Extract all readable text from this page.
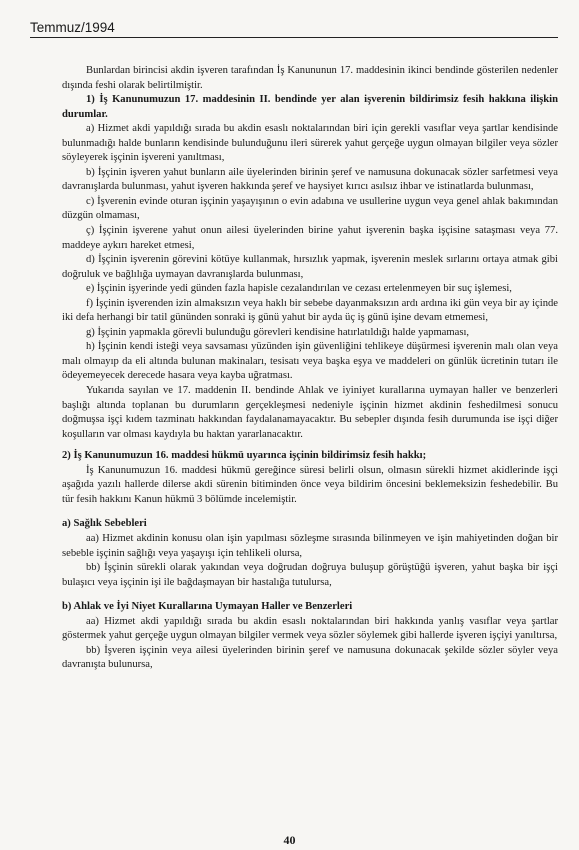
Temmuz/1994

Bunlardan birincisi akdin işveren tarafından İş Kanununun 17. maddesinin ikinci bendinde gösterilen nedenler dışında feshi olarak belirtilmiştir.

1) İş Kanunumuzun 17. maddesinin II. bendinde yer alan işverenin bildirimsiz fesih hakkına ilişkin durumlar.

a) Hizmet akdi yapıldığı sırada bu akdin esaslı noktalarından biri için gerekli vasıflar veya şartlar kendisinde bulunmadığı halde bunların kendisinde bulunduğunu ileri sürerek yahut gerçeğe uygun olmayan bilgiler veya sözler söyleyerek işçinin işvereni yanıltması,

b) İşçinin işveren yahut bunların aile üyelerinden birinin şeref ve namusuna dokunacak sözler sarfetmesi veya davranışlarda bulunması, yahut işveren hakkında şeref ve haysiyet kırıcı asılsız ihbar ve istinatlarda bulunması,

c) İşverenin evinde oturan işçinin yaşayışının o evin adabına ve usullerine uygun veya genel ahlak bakımından düzgün olmaması,

ç) İşçinin işverene yahut onun ailesi üyelerinden birine yahut işverenin başka işçisine sataşması veya 77. maddeye aykırı hareket etmesi,

d) İşçinin işverenin görevini kötüye kullanmak, hırsızlık yapmak, işverenin meslek sırlarını ortaya atmak gibi doğruluk ve bağlılığa uymayan davranışlarda bulunması,

e) İşçinin işyerinde yedi günden fazla hapisle cezalandırılan ve cezası ertelenmeyen bir suç işlemesi,

f) İşçinin işverenden izin almaksızın veya haklı bir sebebe dayanmaksızın ardı ardına iki gün veya bir ay içinde iki defa herhangi bir tatil gününden sonraki iş günü yahut bir ayda üç iş günü işine devam etmemesi,

g) İşçinin yapmakla görevli bulunduğu görevleri kendisine hatırlatıldığı halde yapmaması,

h) İşçinin kendi isteği veya savsaması yüzünden işin güvenliğini tehlikeye düşürmesi işverenin malı olan veya malı olmayıp da eli altında bulunan makinaları, tesisatı veya başka eşya ve maddeleri on günlük ücretinin tutarı ile ödeyemeyecek derecede hasara veya kayba uğratması.

Yukarıda sayılan ve 17. maddenin II. bendinde Ahlak ve iyiniyet kurallarına uymayan haller ve benzerleri başlığı altında toplanan bu durumların gerçekleşmesi nedeniyle işçinin hizmet akdinin feshedilmesi sonucu doğmuşsa işçi kıdem tazminatı hakkından faydalanamayacaktır. Bu sebepler dışında fesih durumunda ise işçi diğer koşulların var olması kaydıyla bu haktan yararlanacaktır.

2) İş Kanunumuzun 16. maddesi hükmü uyarınca işçinin bildirimsiz fesih hakkı;

İş Kanunumuzun 16. maddesi hükmü gereğince süresi belirli olsun, olmasın sürekli hizmet akidlerinde işçi aşağıda yazılı hallerde dilerse akdi sürenin bitiminden önce veya bildirim öncesini beklemeksizin feshedebilir. Bu tür fesih hakkını Kanun hükmü 3 bölümde incelemiştir.

a) Sağlık Sebebleri

aa) Hizmet akdinin konusu olan işin yapılması sözleşme sırasında bilinmeyen ve işin mahiyetinden doğan bir sebeble işçinin sağlığı veya yaşayışı için tehlikeli olursa,

bb) İşçinin sürekli olarak yakından veya doğrudan doğruya buluşup görüştüğü işveren, yahut başka bir işçi bulaşıcı veya işçinin işi ile bağdaşmayan bir hastalığa tutulursa,

b) Ahlak ve İyi Niyet Kurallarına Uymayan Haller ve Benzerleri

aa) Hizmet akdi yapıldığı sırada bu akdin esaslı noktalarından biri hakkında yanlış vasıflar veya şartlar göstermek yahut gerçeğe uygun olmayan bilgiler vermek veya sözler söylemek gibi hallerde işveren işçiyi yanıltırsa,

bb) İşveren işçinin veya ailesi üyelerinden birinin şeref ve namusuna dokunacak şekilde sözler söyler veya davranışta bulunursa,

40
